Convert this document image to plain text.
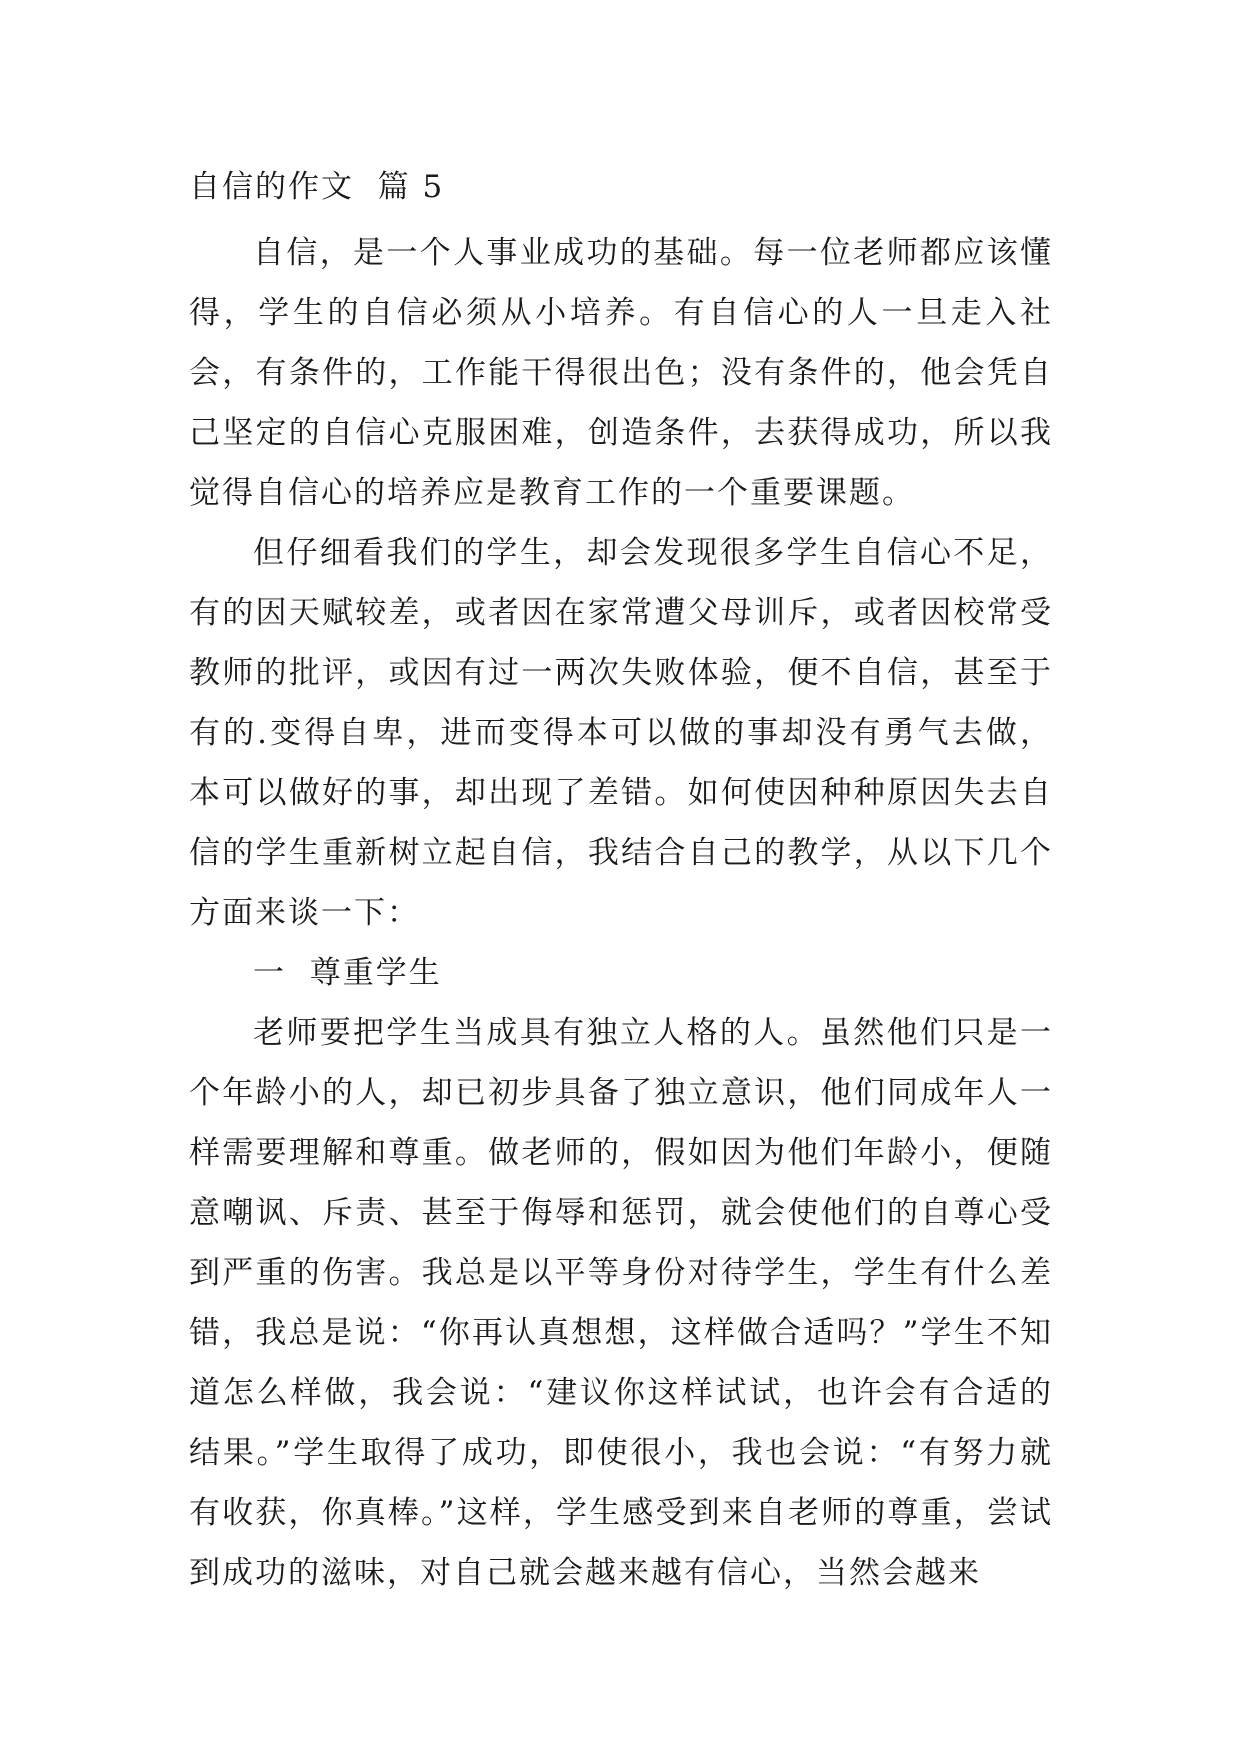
自信的作文  篇 5

自信，是一个人事业成功的基础。每一位老师都应该懂得，学生的自信必须从小培养。有自信心的人一旦走入社会，有条件的，工作能干得很出色；没有条件的，他会凭自己坚定的自信心克服困难，创造条件，去获得成功，所以我觉得自信心的培养应是教育工作的一个重要课题。

但仔细看我们的学生，却会发现很多学生自信心不足，有的因天赋较差，或者因在家常遭父母训斥，或者因校常受教师的批评，或因有过一两次失败体验，便不自信，甚至于有的.变得自卑，进而变得本可以做的事却没有勇气去做，本可以做好的事，却出现了差错。如何使因种种原因失去自信的学生重新树立起自信，我结合自己的教学，从以下几个方面来谈一下：

一  尊重学生

老师要把学生当成具有独立人格的人。虽然他们只是一个年龄小的人，却已初步具备了独立意识，他们同成年人一样需要理解和尊重。做老师的，假如因为他们年龄小，便随意嘲讽、斥责、甚至于侮辱和惩罚，就会使他们的自尊心受到严重的伤害。我总是以平等身份对待学生，学生有什么差错，我总是说：“你再认真想想，这样做合适吗？”学生不知道怎么样做，我会说：“建议你这样试试，也许会有合适的结果。”学生取得了成功，即使很小，我也会说：“有努力就有收获，你真棒。”这样，学生感受到来自老师的尊重，尝试到成功的滋味，对自己就会越来越有信心，当然会越来
